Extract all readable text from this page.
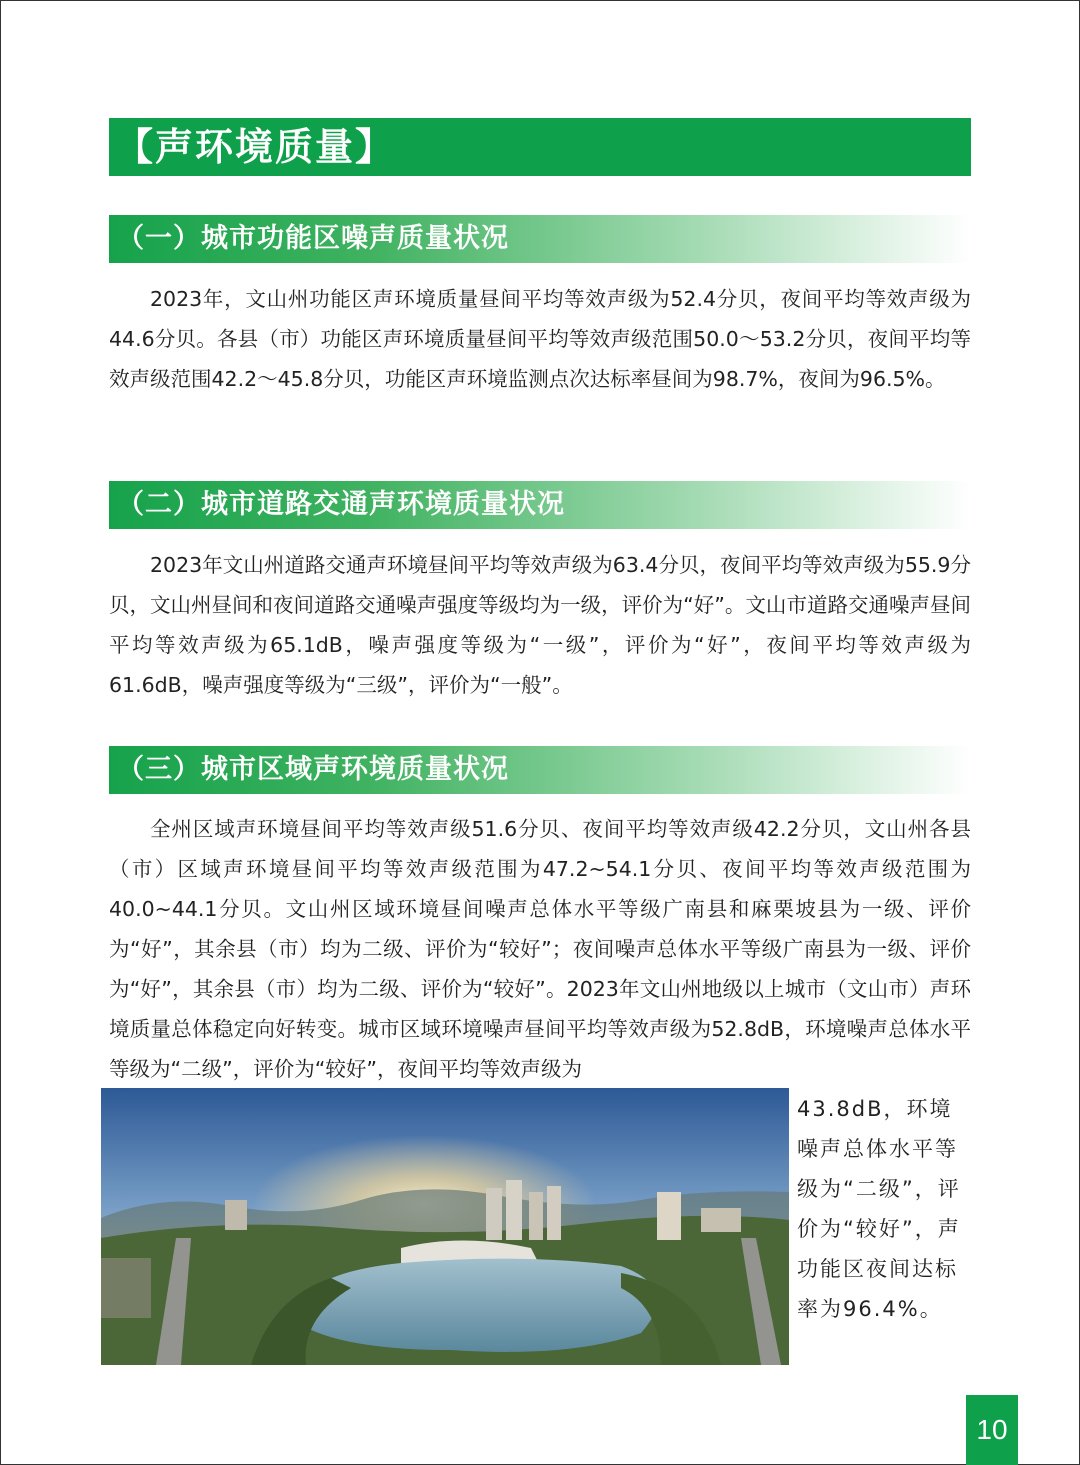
【声环境质量】
（一）城市功能区噪声质量状况

2023年，文山州功能区声环境质量昼间平均等效声级为52.4分贝，夜间平均等效声级为44.6分贝。各县（市）功能区声环境质量昼间平均等效声级范围50.0～53.2分贝，夜间平均等效声级范围42.2～45.8分贝，功能区声环境监测点次达标率昼间为98.7%，夜间为96.5%。

（二）城市道路交通声环境质量状况

2023年文山州道路交通声环境昼间平均等效声级为63.4分贝，夜间平均等效声级为55.9分贝，文山州昼间和夜间道路交通噪声强度等级均为一级，评价为“好”。文山市道路交通噪声昼间平均等效声级为65.1dB，噪声强度等级为“一级”，评价为“好”，夜间平均等效声级为61.6dB，噪声强度等级为“三级”，评价为“一般”。

（三）城市区域声环境质量状况

全州区域声环境昼间平均等效声级51.6分贝、夜间平均等效声级42.2分贝，文山州各县（市）区域声环境昼间平均等效声级范围为47.2~54.1分贝、夜间平均等效声级范围为40.0~44.1分贝。文山州区域环境昼间噪声总体水平等级广南县和麻栗坡县为一级、评价为“好”，其余县（市）均为二级、评价为“较好”；夜间噪声总体水平等级广南县为一级、评价为“好”，其余县（市）均为二级、评价为“较好”。2023年文山州地级以上城市（文山市）声环境质量总体稳定向好转变。城市区域环境噪声昼间平均等效声级为52.8dB，环境噪声总体水平等级为“二级”，评价为“较好”，夜间平均等效声级为

43.8dB，环境噪声总体水平等级为“二级”，评价为“较好”，声功能区夜间达标率为96.4%。

10
